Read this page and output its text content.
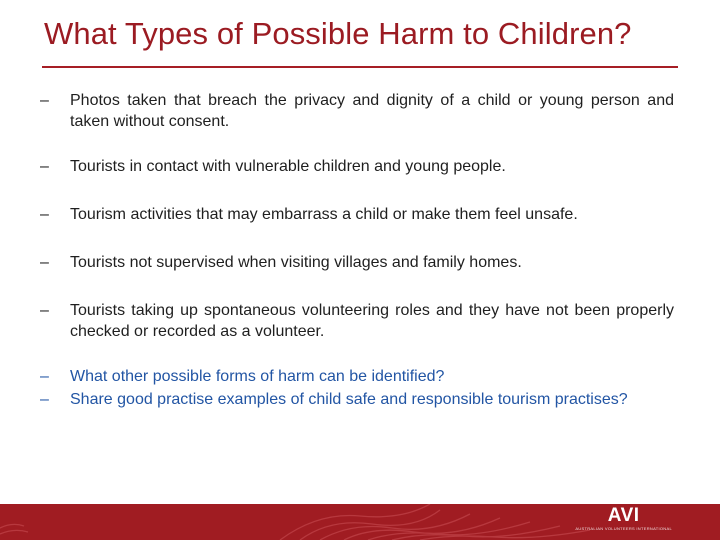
What Types of Possible Harm to Children?
–	Photos taken that breach the privacy and dignity of a child or young person and taken without consent.
–	Tourists in contact with vulnerable children and young people.
–	Tourism activities that may embarrass a child or make them feel unsafe.
–	Tourists not supervised when visiting villages and family homes.
–	Tourists taking up spontaneous volunteering roles and they have not been properly checked or recorded as a volunteer.
–	What other possible forms of harm can be identified?
–	Share good practise examples of child safe and responsible tourism practises?
AVI
AUSTRALIAN VOLUNTEERS INTERNATIONAL
